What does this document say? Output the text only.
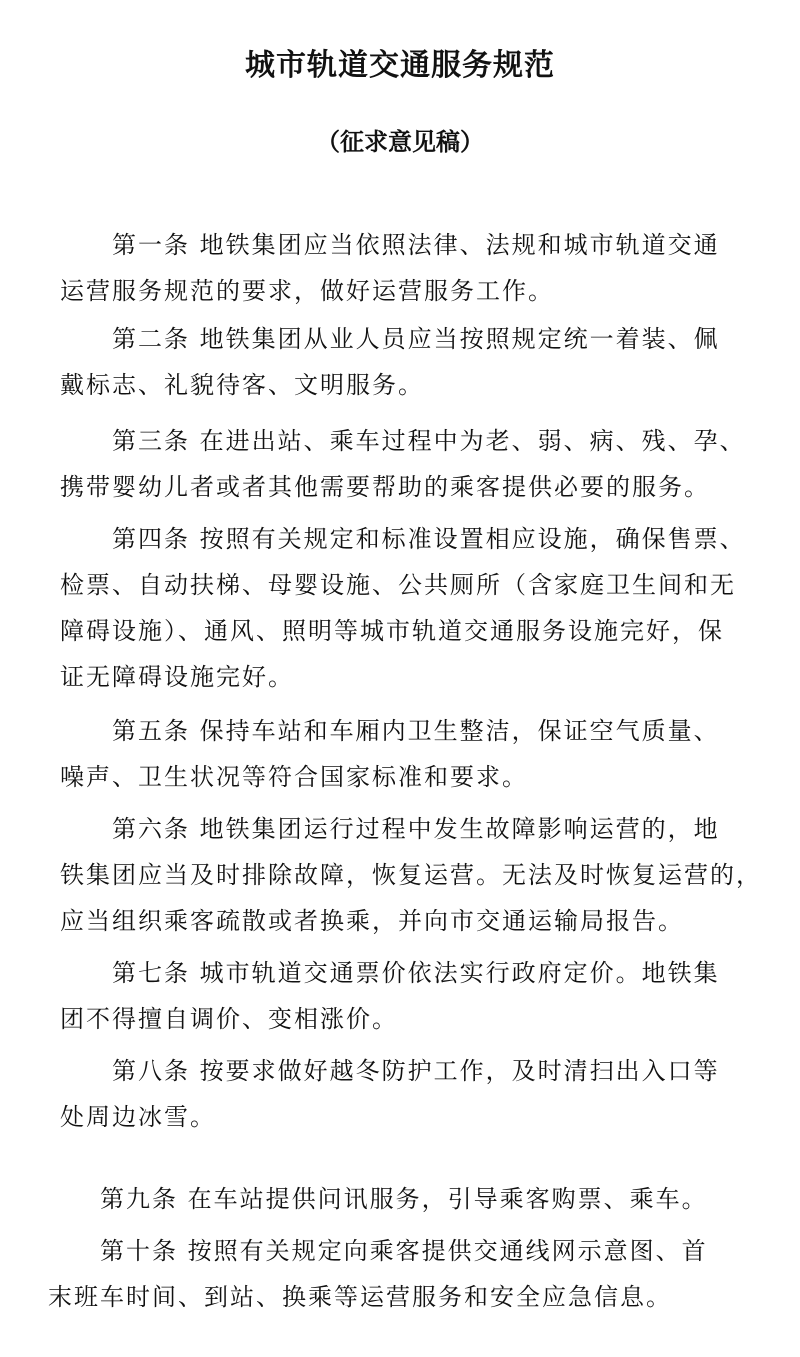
城市轨道交通服务规范
（征求意见稿）
第一条 地铁集团应当依照法律、法规和城市轨道交通
运营服务规范的要求，做好运营服务工作。
第二条 地铁集团从业人员应当按照规定统一着装、佩
戴标志、礼貌待客、文明服务。
第三条 在进出站、乘车过程中为老、弱、病、残、孕、
携带婴幼儿者或者其他需要帮助的乘客提供必要的服务。
第四条 按照有关规定和标准设置相应设施，确保售票、
检票、自动扶梯、母婴设施、公共厕所（含家庭卫生间和无
障碍设施）、通风、照明等城市轨道交通服务设施完好，保
证无障碍设施完好。
第五条 保持车站和车厢内卫生整洁，保证空气质量、
噪声、卫生状况等符合国家标准和要求。
第六条 地铁集团运行过程中发生故障影响运营的，地
铁集团应当及时排除故障，恢复运营。无法及时恢复运营的，
应当组织乘客疏散或者换乘，并向市交通运输局报告。
第七条 城市轨道交通票价依法实行政府定价。地铁集
团不得擅自调价、变相涨价。
第八条 按要求做好越冬防护工作，及时清扫出入口等
处周边冰雪。
第九条 在车站提供问讯服务，引导乘客购票、乘车。
第十条 按照有关规定向乘客提供交通线网示意图、首
末班车时间、到站、换乘等运营服务和安全应急信息。
